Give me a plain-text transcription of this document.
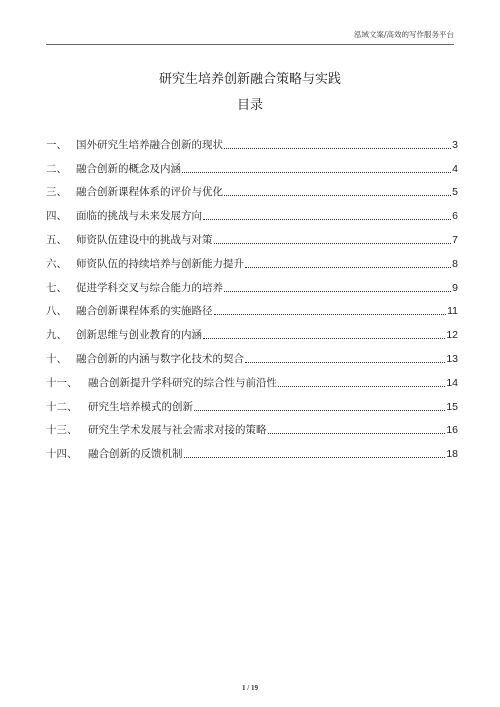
泓域文案/高效的写作服务平台
研究生培养创新融合策略与实践
目录
一、 国外研究生培养融合创新的现状	3
二、 融合创新的概念及内涵	4
三、 融合创新课程体系的评价与优化	5
四、 面临的挑战与未来发展方向	6
五、 师资队伍建设中的挑战与对策	7
六、 师资队伍的持续培养与创新能力提升	8
七、 促进学科交叉与综合能力的培养	9
八、 融合创新课程体系的实施路径	11
九、 创新思维与创业教育的内涵	12
十、 融合创新的内涵与数字化技术的契合	13
十一、	融合创新提升学科研究的综合性与前沿性	14
十二、	研究生培养模式的创新	15
十三、	研究生学术发展与社会需求对接的策略	16
十四、	融合创新的反馈机制	18
1 / 19
